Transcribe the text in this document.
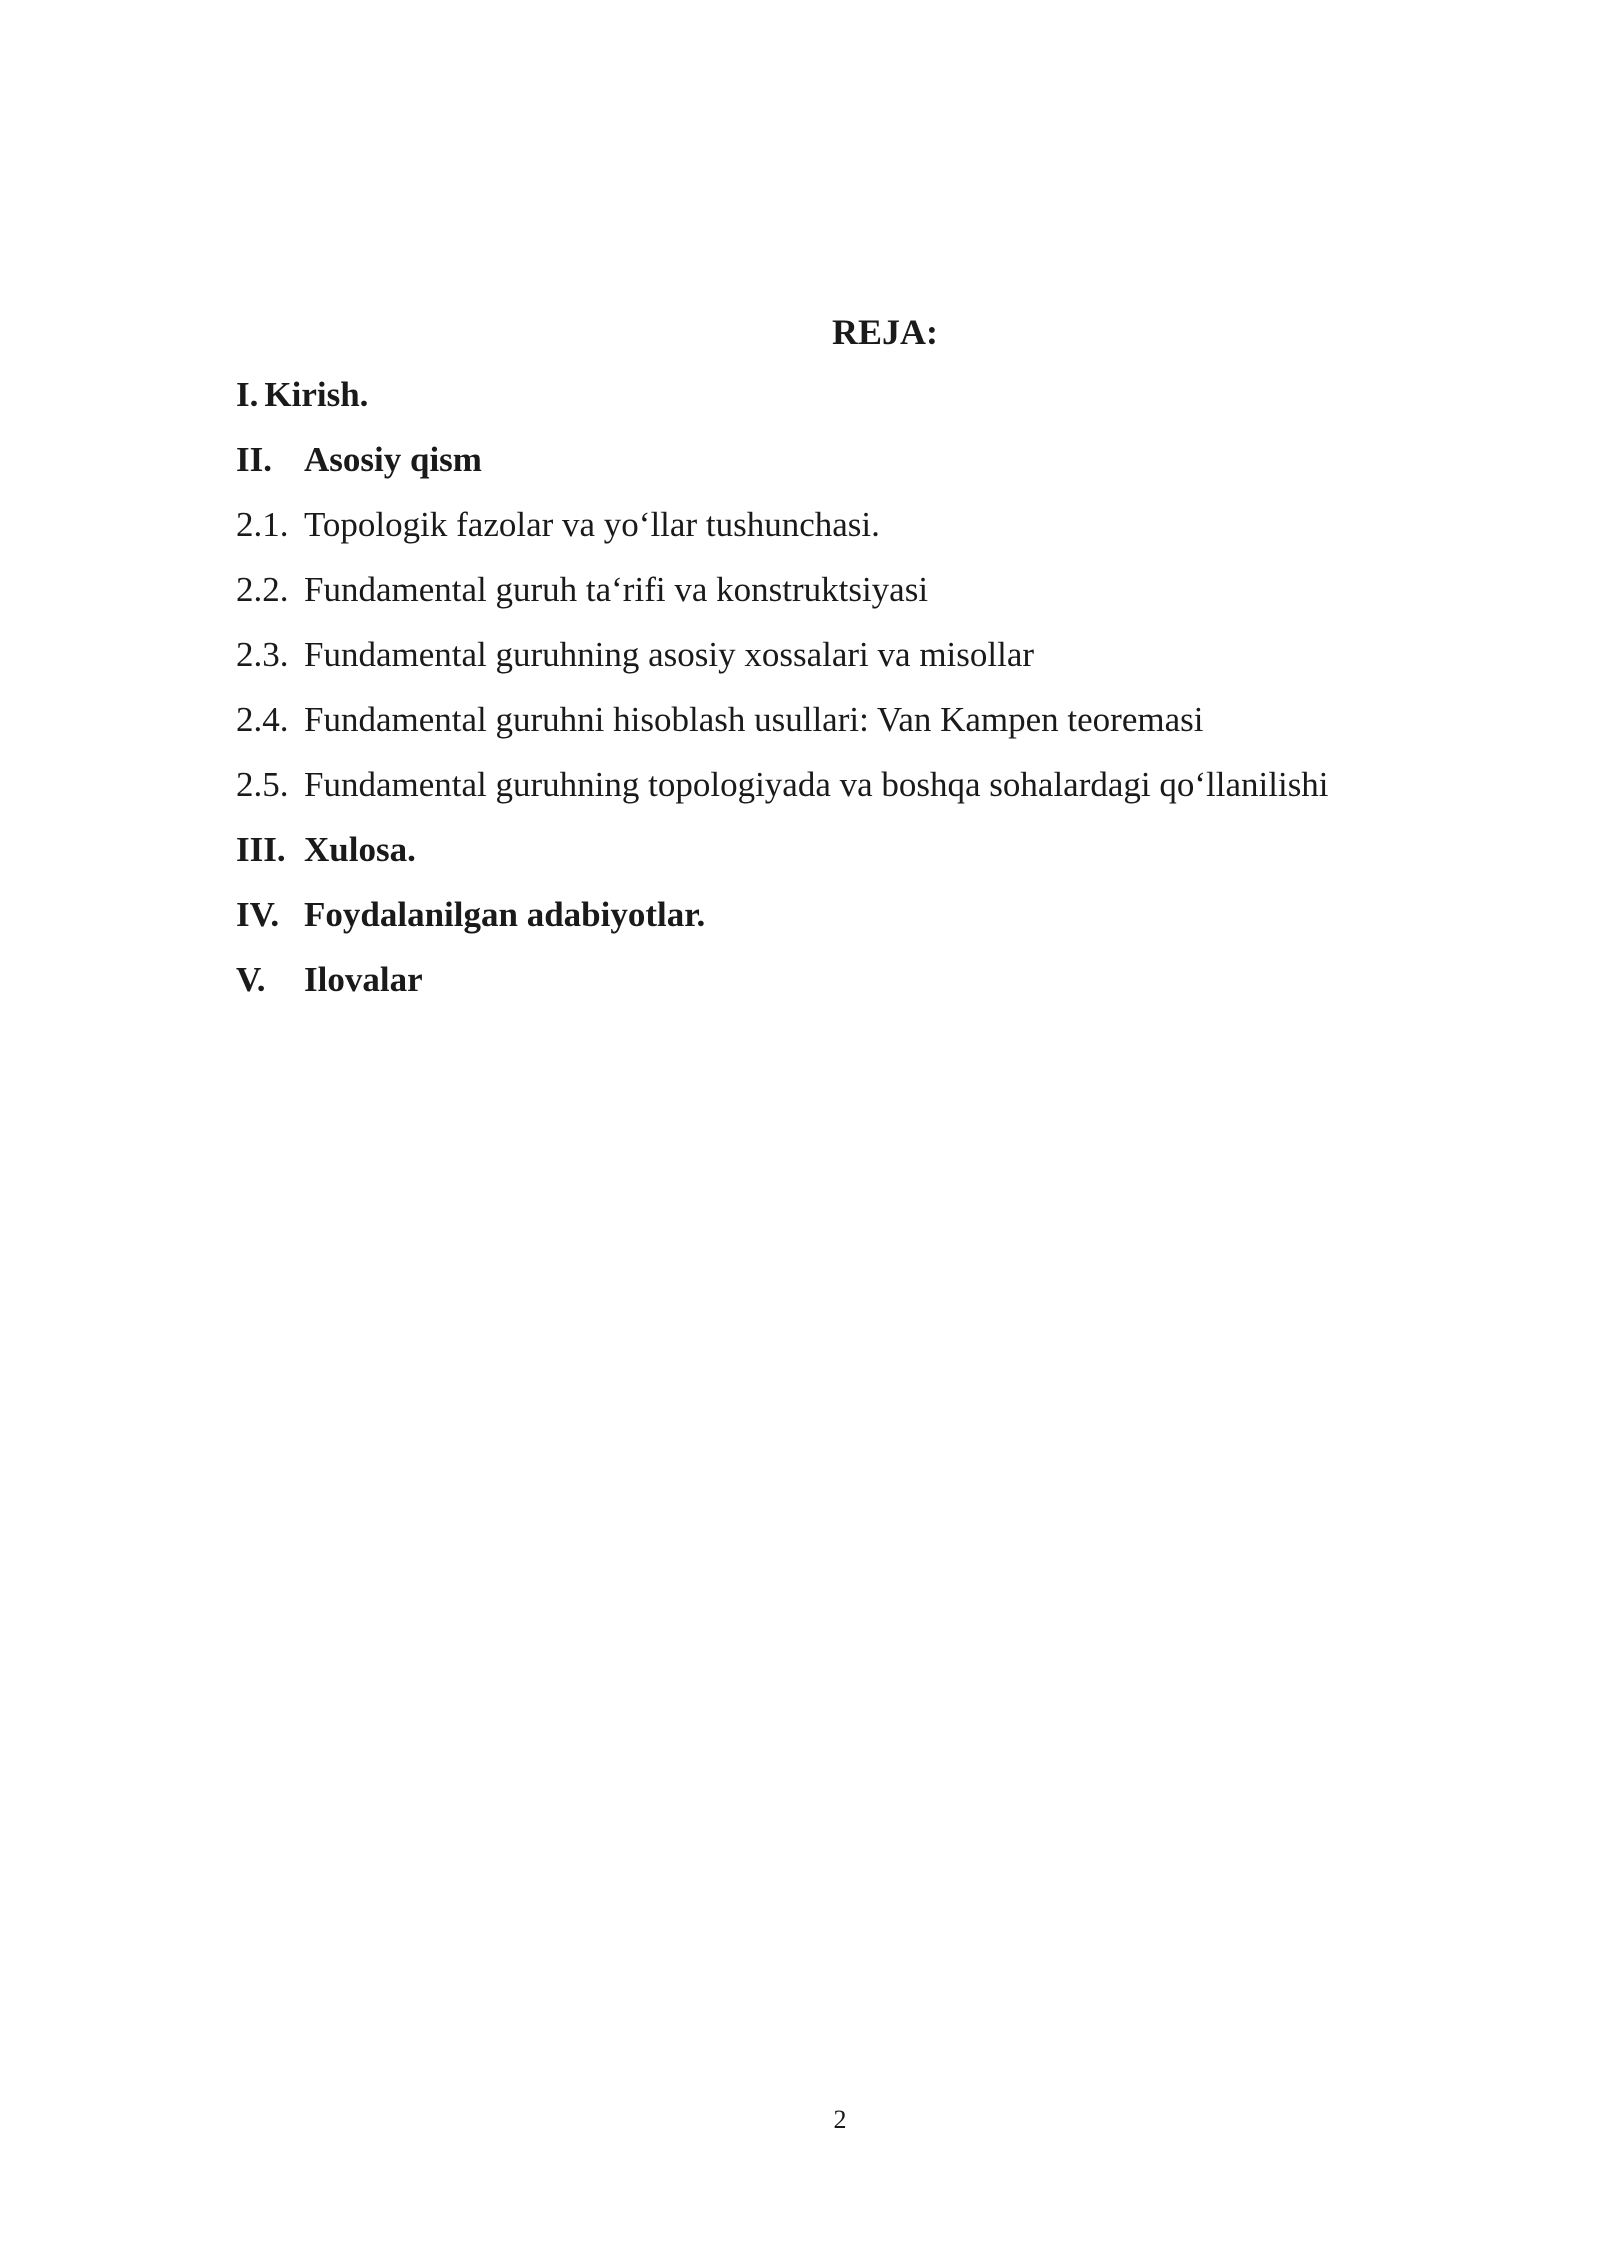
REJA:
I. Kirish.
II. Asosiy qism
2.1. Topologik fazolar va yo‘llar tushunchasi.
2.2. Fundamental guruh ta‘rifi va konstruktsiyasi
2.3. Fundamental guruhning asosiy xossalari va misollar
2.4. Fundamental guruhni hisoblash usullari: Van Kampen teoremasi
2.5. Fundamental guruhning topologiyada va boshqa sohalardagi qo‘llanilishi
III. Xulosa.
IV. Foydalanilgan adabiyotlar.
V. Ilovalar
2
